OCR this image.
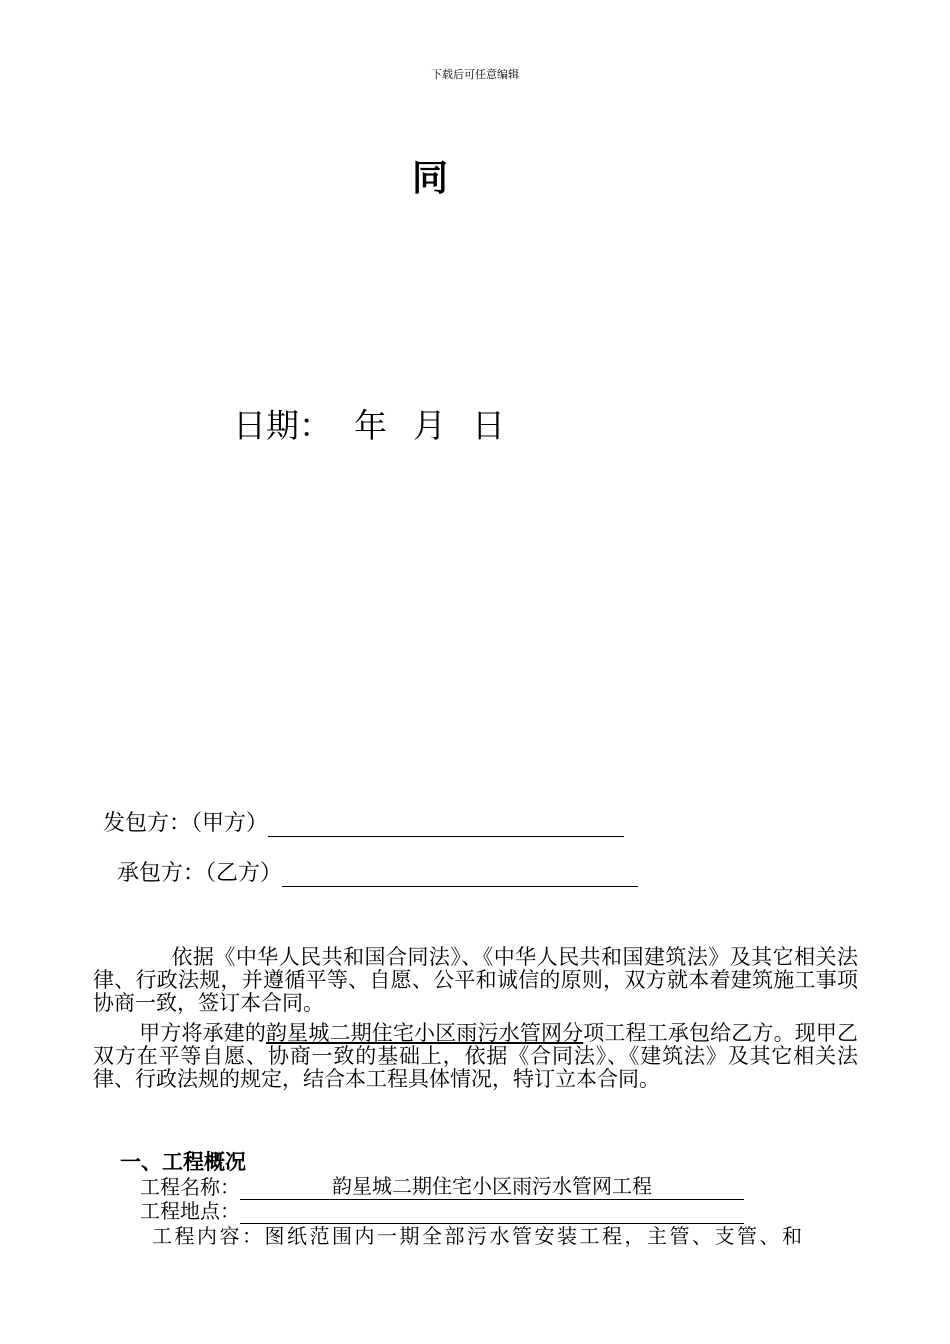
下载后可任意编辑
同
日期： 年 月 日
发包方：（甲方）
承包方：（乙方）
依据《中华人民共和国合同法》、《中华人民共和国建筑法》及其它相关法律、行政法规，并遵循平等、自愿、公平和诚信的原则，双方就本着建筑施工事项协商一致，签订本合同。
甲方将承建的韵星城二期住宅小区雨污水管网分项工程工承包给乙方。现甲乙双方在平等自愿、协商一致的基础上，依据《合同法》、《建筑法》及其它相关法律、行政法规的规定，结合本工程具体情况，特订立本合同。
一、工程概况
工程名称：	韵星城二期住宅小区雨污水管网工程
工程地点：
工程内容：图纸范围内一期全部污水管安装工程，主管、支管、和
